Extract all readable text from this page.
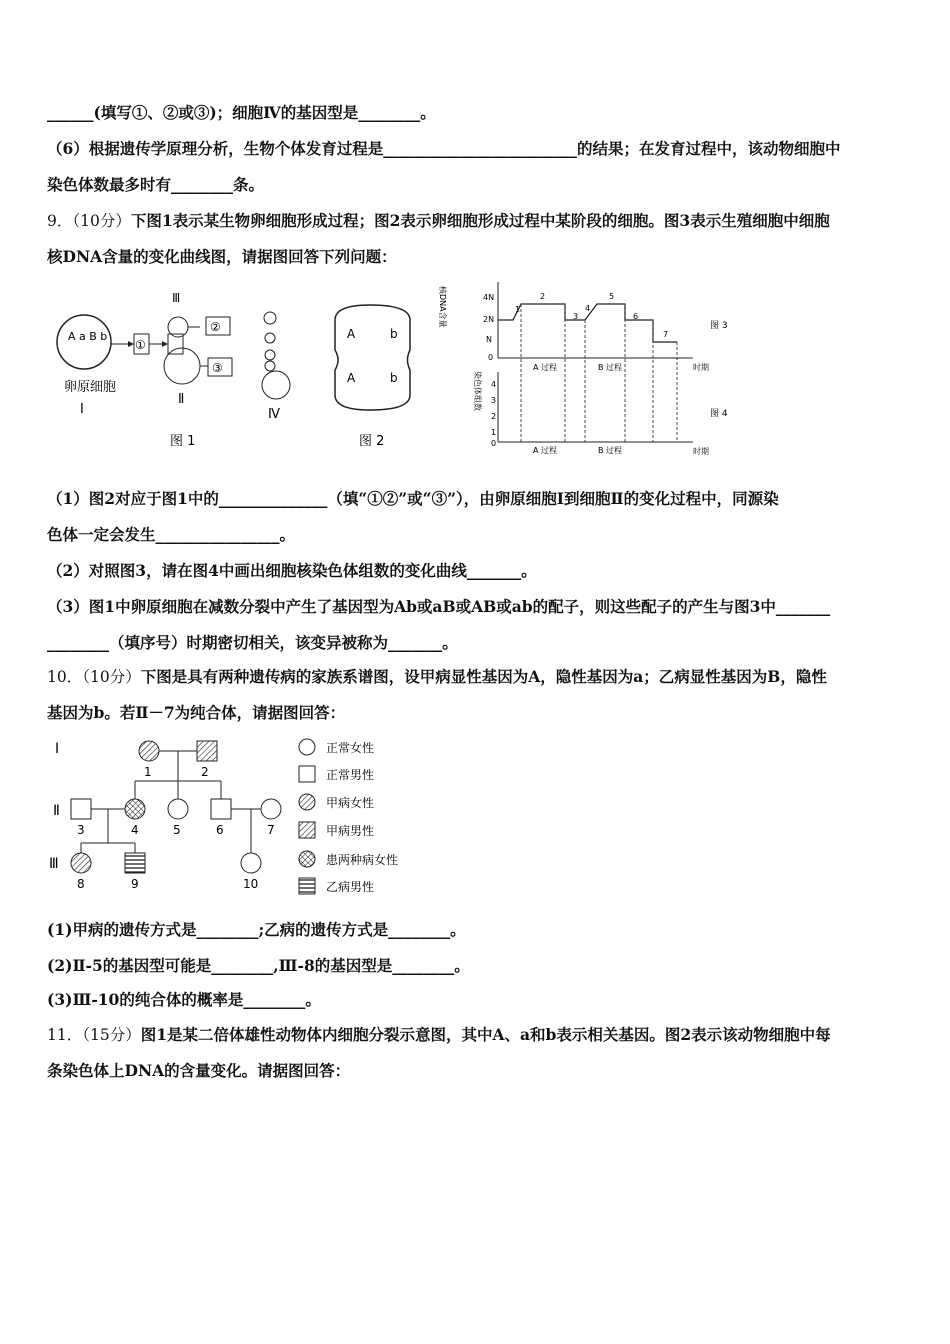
______(填写①、②或③)；细胞Ⅳ的基因型是________。
（6）根据遗传学原理分析，生物个体发育过程是_________________________的结果；在发育过程中，该动物细胞中
染色体数最多时有________条。
9．（10分）下图1表示某生物卵细胞形成过程；图2表示卵细胞形成过程中某阶段的细胞。图3表示生殖细胞中细胞
核DNA含量的变化曲线图，请据图回答下列问题：
A a B b
①
Ⅲ
②
③
卵原细胞
Ⅰ
Ⅱ
Ⅳ
图 1
A	b
A	b
图 2
核DNA含量	4N
2N
N
0
1
2
3
4
5
6
7
A 过程	B 过程	时期
图 3
染色体组数 4
3
2
1
0
A 过程	B 过程	时期
图 4
（1）图2对应于图1中的______________（填“①②”或“③”），由卵原细胞Ⅰ到细胞Ⅱ的变化过程中，同源染
色体一定会发生________________。
（2）对照图3，请在图4中画出细胞核染色体组数的变化曲线_______。
（3）图1中卵原细胞在减数分裂中产生了基因型为Ab或aB或AB或ab的配子，则这些配子的产生与图3中_______
________（填序号）时期密切相关，该变异被称为_______。
10．（10分）下图是具有两种遗传病的家族系谱图，设甲病显性基因为A，隐性基因为a；乙病显性基因为B，隐性
基因为b。若Ⅱ－7为纯合体，请据图回答：
Ⅰ
Ⅱ
Ⅲ
1	2
3	4	5	6	7
8	9	10
正常女性
正常男性
甲病女性
甲病男性
患两种病女性
乙病男性
(1)甲病的遗传方式是________;乙病的遗传方式是________。
(2)Ⅱ-5的基因型可能是________,Ⅲ-8的基因型是________。
(3)Ⅲ-10的纯合体的概率是________。
11．（15分）图1是某二倍体雄性动物体内细胞分裂示意图，其中A、a和b表示相关基因。图2表示该动物细胞中每
条染色体上DNA的含量变化。请据图回答：
